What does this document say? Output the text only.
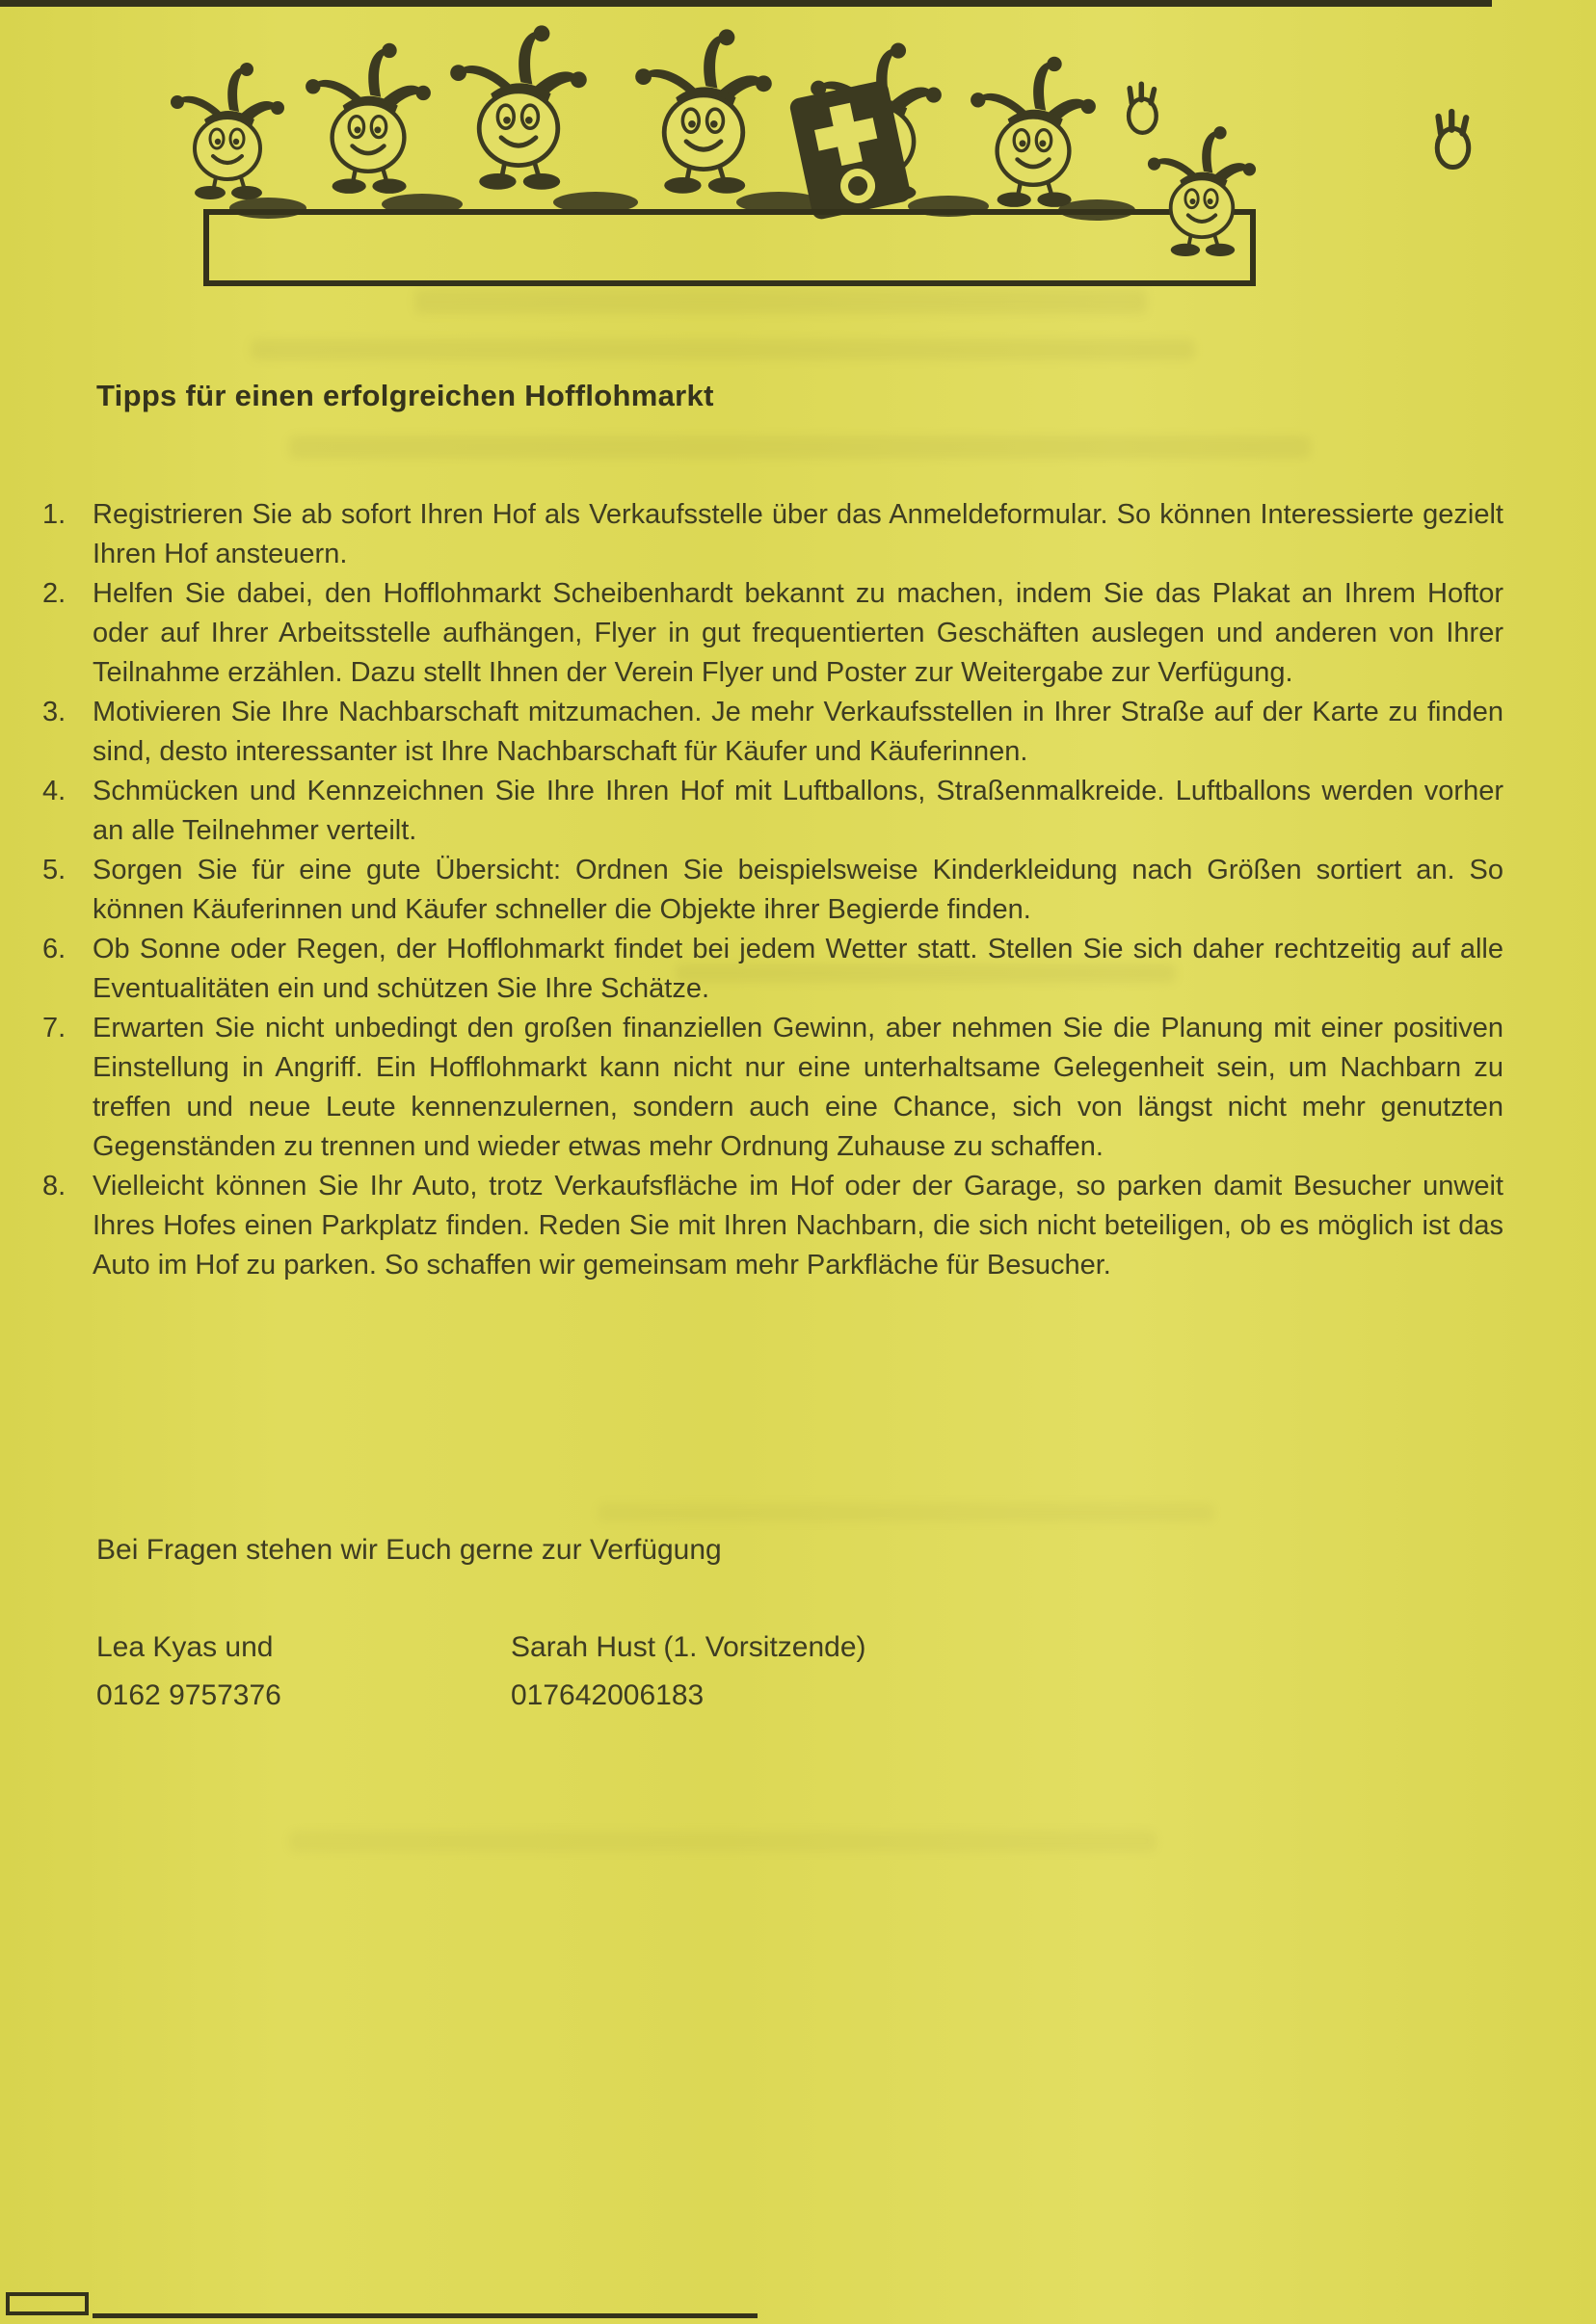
Tipps für einen erfolgreichen Hofflohmarkt
1. Registrieren Sie ab sofort Ihren Hof als Verkaufsstelle über das Anmeldeformular. So können Interessierte gezielt Ihren Hof ansteuern.
2. Helfen Sie dabei, den Hofflohmarkt Scheibenhardt bekannt zu machen, indem Sie das Plakat an Ihrem Hoftor oder auf Ihrer Arbeitsstelle aufhängen, Flyer in gut frequentierten Geschäften auslegen und anderen von Ihrer Teilnahme erzählen. Dazu stellt Ihnen der Verein Flyer und Poster zur Weitergabe zur Verfügung.
3. Motivieren Sie Ihre Nachbarschaft mitzumachen. Je mehr Verkaufsstellen in Ihrer Straße auf der Karte zu finden sind, desto interessanter ist Ihre Nachbarschaft für Käufer und Käuferinnen.
4. Schmücken und Kennzeichnen Sie Ihre Ihren Hof mit Luftballons, Straßenmalkreide. Luftballons werden vorher an alle Teilnehmer verteilt.
5. Sorgen Sie für eine gute Übersicht: Ordnen Sie beispielsweise Kinderkleidung nach Größen sortiert an. So können Käuferinnen und Käufer schneller die Objekte ihrer Begierde finden.
6. Ob Sonne oder Regen, der Hofflohmarkt findet bei jedem Wetter statt. Stellen Sie sich daher rechtzeitig auf alle Eventualitäten ein und schützen Sie Ihre Schätze.
7. Erwarten Sie nicht unbedingt den großen finanziellen Gewinn, aber nehmen Sie die Planung mit einer positiven Einstellung in Angriff. Ein Hofflohmarkt kann nicht nur eine unterhaltsame Gelegenheit sein, um Nachbarn zu treffen und neue Leute kennenzulernen, sondern auch eine Chance, sich von längst nicht mehr genutzten Gegenständen zu trennen und wieder etwas mehr Ordnung Zuhause zu schaffen.
8. Vielleicht können Sie Ihr Auto, trotz Verkaufsfläche im Hof oder der Garage, so parken damit Besucher unweit Ihres Hofes einen Parkplatz finden. Reden Sie mit Ihren Nachbarn, die sich nicht beteiligen, ob es möglich ist das Auto im Hof zu parken. So schaffen wir gemeinsam mehr Parkfläche für Besucher.
Bei Fragen stehen wir Euch gerne zur Verfügung
Lea Kyas und	Sarah Hust (1. Vorsitzende)
0162 9757376	017642006183
